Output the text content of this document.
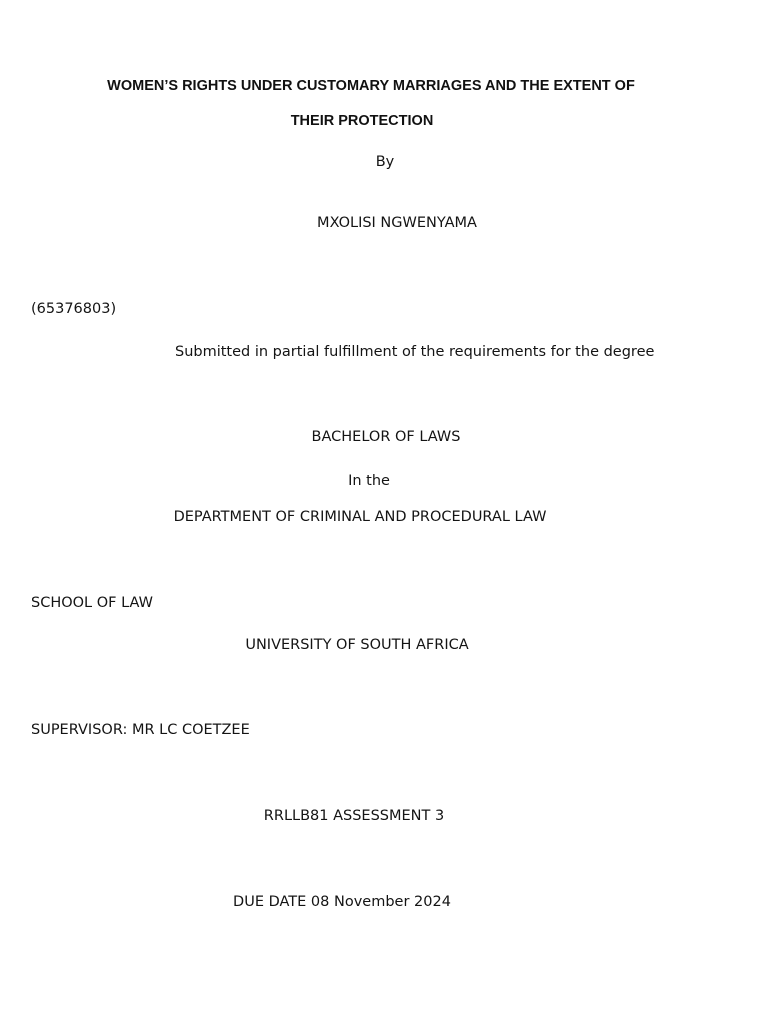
WOMEN’S RIGHTS UNDER CUSTOMARY MARRIAGES AND THE EXTENT OF
THEIR PROTECTION
By
MXOLISI NGWENYAMA
(65376803)
Submitted in partial fulfillment of the requirements for the degree
BACHELOR OF LAWS
In the
DEPARTMENT OF CRIMINAL AND PROCEDURAL LAW
SCHOOL OF LAW
UNIVERSITY OF SOUTH AFRICA
SUPERVISOR: MR LC COETZEE
RRLLB81 ASSESSMENT 3
DUE DATE 08 November 2024
